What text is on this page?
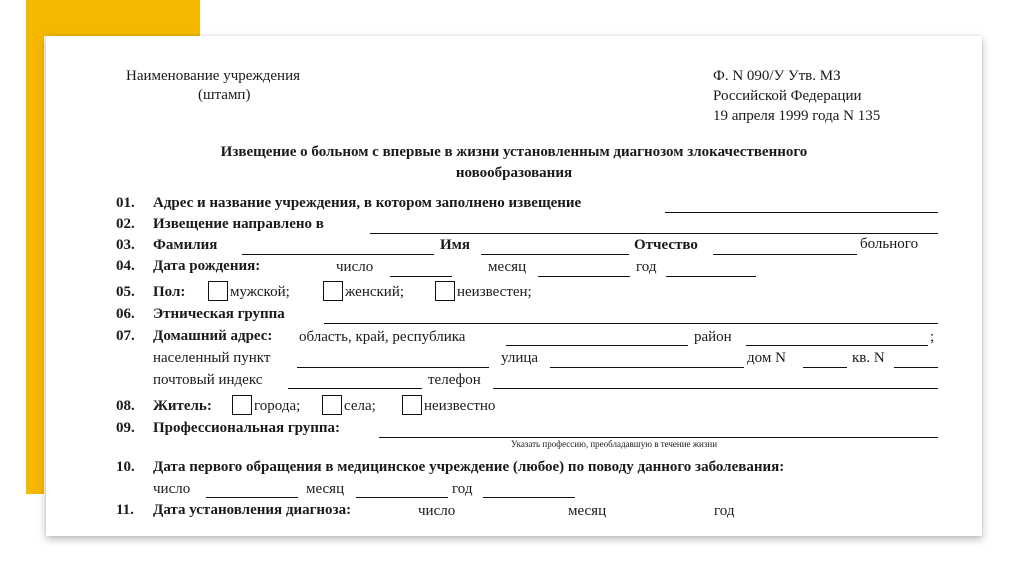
Наименование учреждения
(штамп)
Ф. N 090/У Утв. МЗ
Российской Федерации
19 апреля 1999 года N 135
Извещение о больном с впервые в жизни установленным диагнозом злокачественного
новообразования
01. Адрес и название учреждения, в котором заполнено извещение
02. Извещение направлено в
03. Фамилия	Имя	Отчество	больного
04. Дата рождения:	число	месяц	год
05. Пол:	мужской;	женский;	неизвестен;
06. Этническая группа
07. Домашний адрес: область, край, республика	район	;
населенный пункт	улица	дом N	кв. N
почтовый индекс	телефон
08. Житель:	города;	села;	неизвестно
09. Профессиональная группа:
Указать профессию, преобладавшую в течение жизни
10. Дата первого обращения в медицинское учреждение (любое) по поводу данного заболевания:
число	месяц	год
11. Дата установления диагноза:	число	месяц	год
